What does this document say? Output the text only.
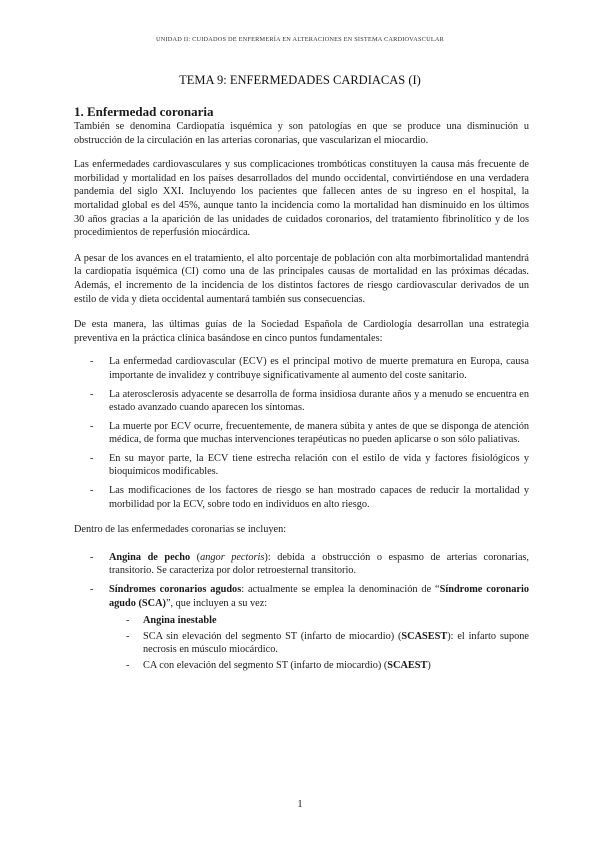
UNIDAD II: CUIDADOS DE ENFERMERÍA EN ALTERACIONES EN SISTEMA CARDIOVASCULAR
TEMA 9: ENFERMEDADES CARDIACAS (I)
1. Enfermedad coronaria

También se denomina Cardiopatía isquémica y son patologías en que se produce una disminución u obstrucción de la circulación en las arterias coronarias, que vascularizan el miocardio.

Las enfermedades cardiovasculares y sus complicaciones trombóticas constituyen la causa más frecuente de morbilidad y mortalidad en los países desarrollados del mundo occidental, convirtiéndose en una verdadera pandemia del siglo XXI. Incluyendo los pacientes que fallecen antes de su ingreso en el hospital, la mortalidad global es del 45%, aunque tanto la incidencia como la mortalidad han disminuido en los últimos 30 años gracias a la aparición de las unidades de cuidados coronarios, del tratamiento fibrinolítico y de los procedimientos de reperfusión miocárdica.

A pesar de los avances en el tratamiento, el alto porcentaje de población con alta morbimortalidad mantendrá la cardiopatía isquémica (CI) como una de las principales causas de mortalidad en las próximas décadas. Además, el incremento de la incidencia de los distintos factores de riesgo cardiovascular derivados de un estilo de vida y dieta occidental aumentará también sus consecuencias.

De esta manera, las últimas guías de la Sociedad Española de Cardiología desarrollan una estrategia preventiva en la práctica clínica basándose en cinco puntos fundamentales:

- La enfermedad cardiovascular (ECV) es el principal motivo de muerte prematura en Europa, causa importante de invalidez y contribuye significativamente al aumento del coste sanitario.
- La aterosclerosis adyacente se desarrolla de forma insidiosa durante años y a menudo se encuentra en estado avanzado cuando aparecen los síntomas.
- La muerte por ECV ocurre, frecuentemente, de manera súbita y antes de que se disponga de atención médica, de forma que muchas intervenciones terapéuticas no pueden aplicarse o son sólo paliativas.
- En su mayor parte, la ECV tiene estrecha relación con el estilo de vida y factores fisiológicos y bioquímicos modificables.
- Las modificaciones de los factores de riesgo se han mostrado capaces de reducir la mortalidad y morbilidad por la ECV, sobre todo en individuos en alto riesgo.

Dentro de las enfermedades coronarias se incluyen:

- Angina de pecho (angor pectoris): debida a obstrucción o espasmo de arterias coronarias, transitorio. Se caracteriza por dolor retroesternal transitorio.
- Síndromes coronarios agudos: actualmente se emplea la denominación de “Síndrome coronario agudo (SCA)”, que incluyen a su vez:
- Angina inestable
- SCA sin elevación del segmento ST (infarto de miocardio) (SCASEST): el infarto supone necrosis en músculo miocárdico.
- CA con elevación del segmento ST (infarto de miocardio) (SCAEST)
1
